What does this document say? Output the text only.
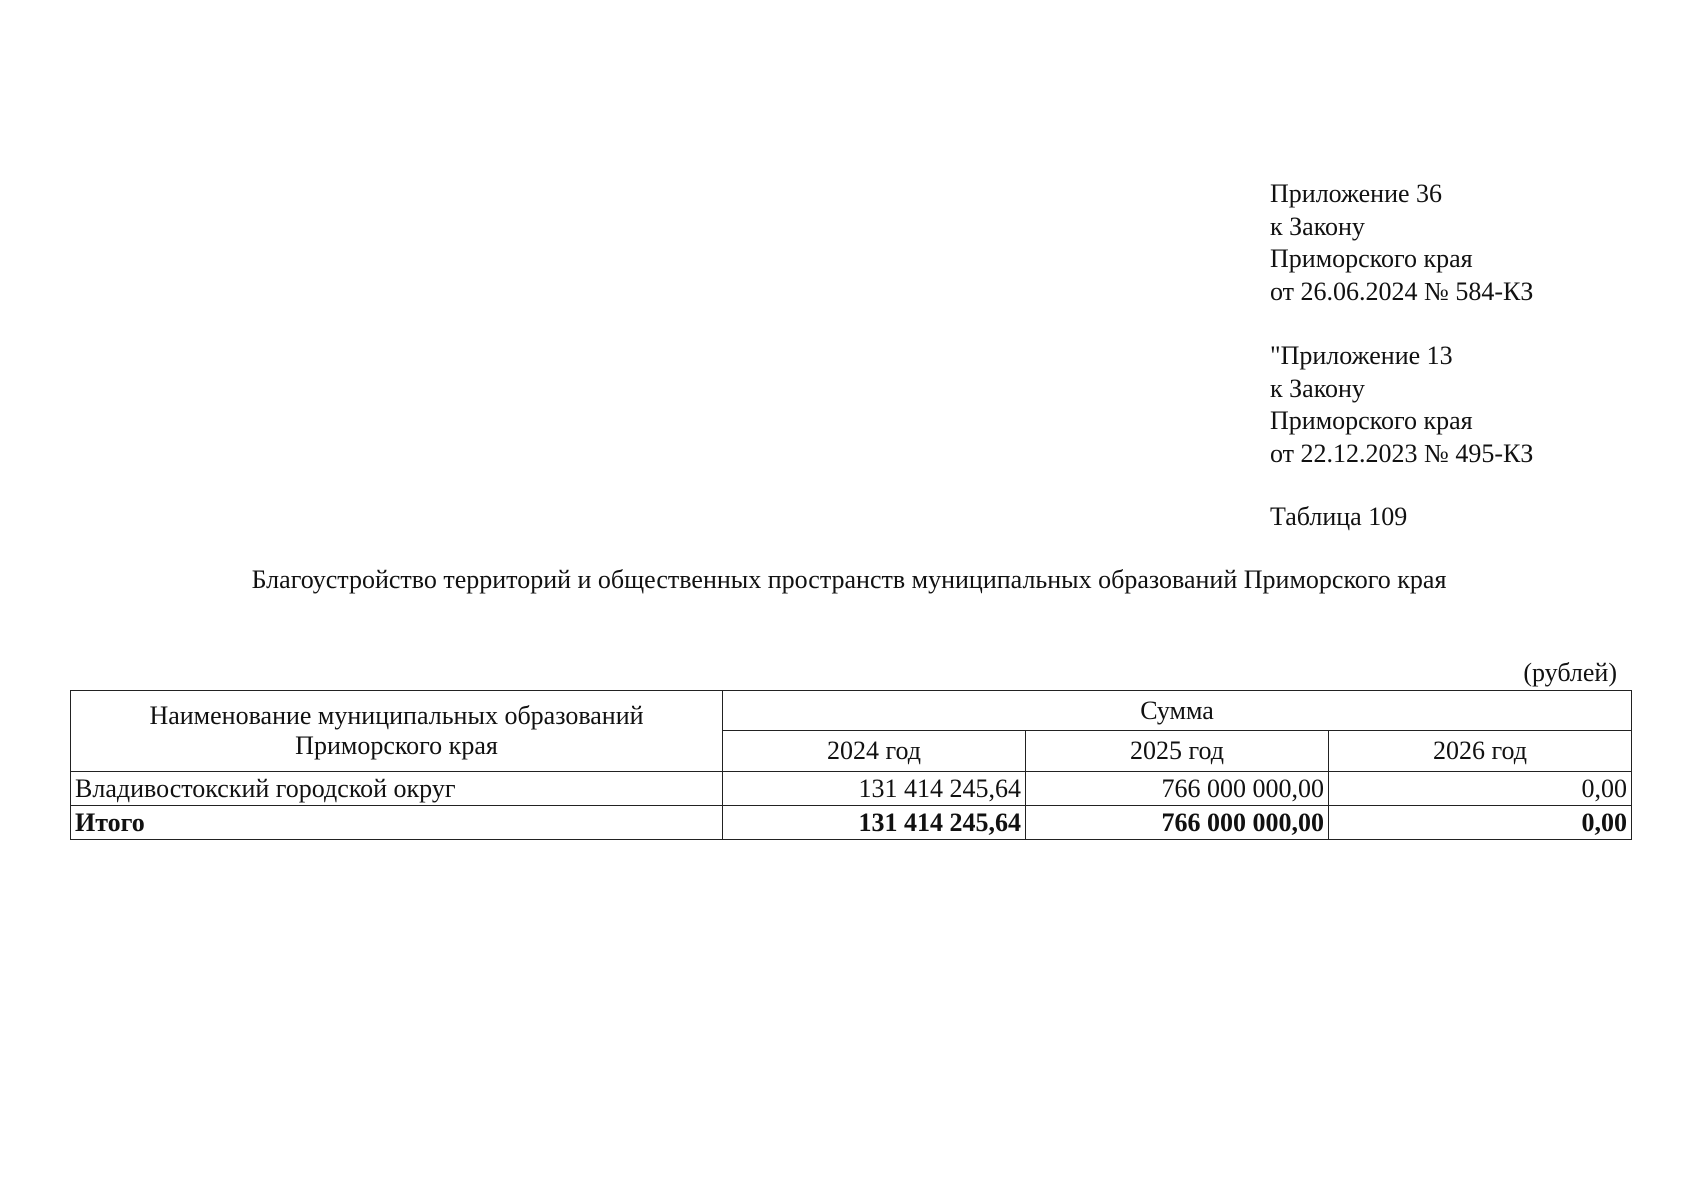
Приложение 36
к Закону
Приморского края
от 26.06.2024 № 584-КЗ
"Приложение 13
к Закону
Приморского края
от 22.12.2023 № 495-КЗ
Таблица 109
Благоустройство территорий и общественных пространств муниципальных образований Приморского края
(рублей)
Наименование муниципальных образований
Приморского края	Сумма		
	2024 год	2025 год	2026 год
Владивостокский городской округ	131 414 245,64	766 000 000,00	0,00
Итого	131 414 245,64	766 000 000,00	0,00
